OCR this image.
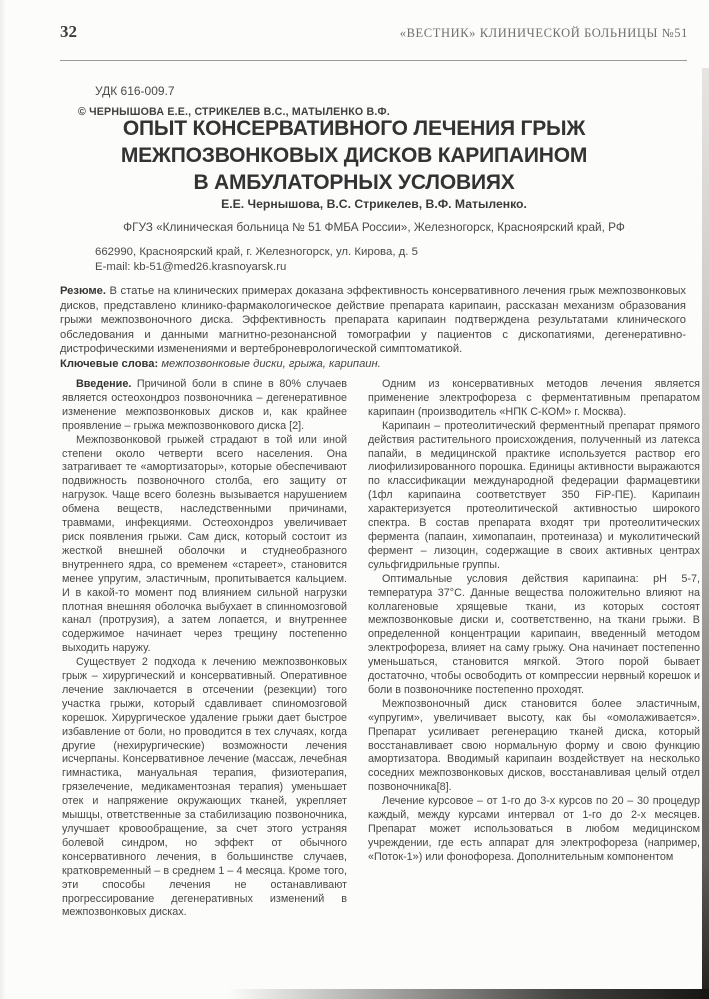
32	«ВЕСТНИК» КЛИНИЧЕСКОЙ БОЛЬНИЦЫ №51
УДК 616-009.7
© ЧЕРНЫШОВА Е.Е., СТРИКЕЛЕВ В.С., МАТЫЛЕНКО В.Ф.
ОПЫТ КОНСЕРВАТИВНОГО ЛЕЧЕНИЯ ГРЫЖ
МЕЖПОЗВОНКОВЫХ ДИСКОВ КАРИПАИНОМ
В АМБУЛАТОРНЫХ УСЛОВИЯХ
Е.Е. Чернышова, В.С. Стрикелев, В.Ф. Матыленко.
ФГУЗ «Клиническая больница № 51 ФМБА России», Железногорск, Красноярский край, РФ

662990, Красноярский край, г. Железногорск, ул. Кирова, д. 5

E-mail: kb-51@med26.krasnoyarsk.ru

Резюме. В статье на клинических примерах доказана эффективность консервативного лечения грыж межпозвонковых дисков, представлено клинико-фармакологическое действие препарата карипаин, рассказан механизм образования грыжи межпозвоночного диска. Эффективность препарата карипаин подтверждена результатами клинического обследования и данными магнитно-резонансной томографии у пациентов с дископатиями, дегенеративно-дистрофическими изменениями и вертеброневрологической симптоматикой.

Ключевые слова: межпозвонковые диски, грыжа, карипаин.

Введение. Причиной боли в спине в 80% случаев является остеохондроз позвоночника – дегенеративное изменение межпозвонковых дисков и, как крайнее проявление – грыжа межпозвонкового диска [2].

Межпозвонковой грыжей страдают в той или иной степени около четверти всего населения. Она затрагивает те «амортизаторы», которые обеспечивают подвижность позвоночного столба, его защиту от нагрузок. Чаще всего болезнь вызывается нарушением обмена веществ, наследственными причинами, травмами, инфекциями. Остеохондроз увеличивает риск появления грыжи. Сам диск, который состоит из жесткой внешней оболочки и студнеобразного внутреннего ядра, со временем «стареет», становится менее упругим, эластичным, пропитывается кальцием. И в какой-то момент под влиянием сильной нагрузки плотная внешняя оболочка выбухает в спинномозговой канал (протрузия), а затем лопается, и внутреннее содержимое начинает через трещину постепенно выходить наружу.

Существует 2 подхода к лечению межпозвонковых грыж – хирургический и консервативный. Оперативное лечение заключается в отсечении (резекции) того участка грыжи, который сдавливает спиномозговой корешок. Хирургическое удаление грыжи дает быстрое избавление от боли, но проводится в тех случаях, когда другие (нехирургические) возможности лечения исчерпаны. Консервативное лечение (массаж, лечебная гимнастика, мануальная терапия, физиотерапия, грязелечение, медикаментозная терапия) уменьшает отек и напряжение окружающих тканей, укрепляет мышцы, ответственные за стабилизацию позвоночника, улучшает кровообращение, за счет этого устраняя болевой синдром, но эффект от обычного консервативного лечения, в большинстве случаев, кратковременный – в среднем 1 – 4 месяца. Кроме того, эти способы лечения не останавливают прогрессирование дегенеративных изменений в межпозвонковых дисках.

Одним из консервативных методов лечения является применение электрофореза с ферментативным препаратом карипаин (производитель «НПК С-КОМ» г. Москва).

Карипаин – протеолитический ферментный препарат прямого действия растительного происхождения, полученный из латекса папайи, в медицинской практике используется раствор его лиофилизированного порошка. Единицы активности выражаются по классификации международной федерации фармацевтики (1фл карипаина соответствует 350 FiP-ПЕ). Карипаин характеризуется протеолитической активностью широкого спектра. В состав препарата входят три протеолитических фермента (папаин, химопапаин, протеиназа) и муколитический фермент – лизоцин, содержащие в своих активных центрах сульфгидрильные группы.

Оптимальные условия действия карипаина: pH 5-7, температура 37°С. Данные вещества положительно влияют на коллагеновые хрящевые ткани, из которых состоят межпозвонковые диски и, соответственно, на ткани грыжи. В определенной концентрации карипаин, введенный методом электрофореза, влияет на саму грыжу. Она начинает постепенно уменьшаться, становится мягкой. Этого порой бывает достаточно, чтобы освободить от компрессии нервный корешок и боли в позвоночнике постепенно проходят.

Межпозвоночный диск становится более эластичным, «упругим», увеличивает высоту, как бы «омолаживается». Препарат усиливает регенерацию тканей диска, который восстанавливает свою нормальную форму и свою функцию амортизатора. Вводимый карипаин воздействует на несколько соседних межпозвонковых дисков, восстанавливая целый отдел позвоночника[8].

Лечение курсовое – от 1-го до 3-х курсов по 20 – 30 процедур каждый, между курсами интервал от 1-го до 2-х месяцев. Препарат может использоваться в любом медицинском учреждении, где есть аппарат для электрофореза (например, «Поток-1») или фонофореза. Дополнительным компонентом
